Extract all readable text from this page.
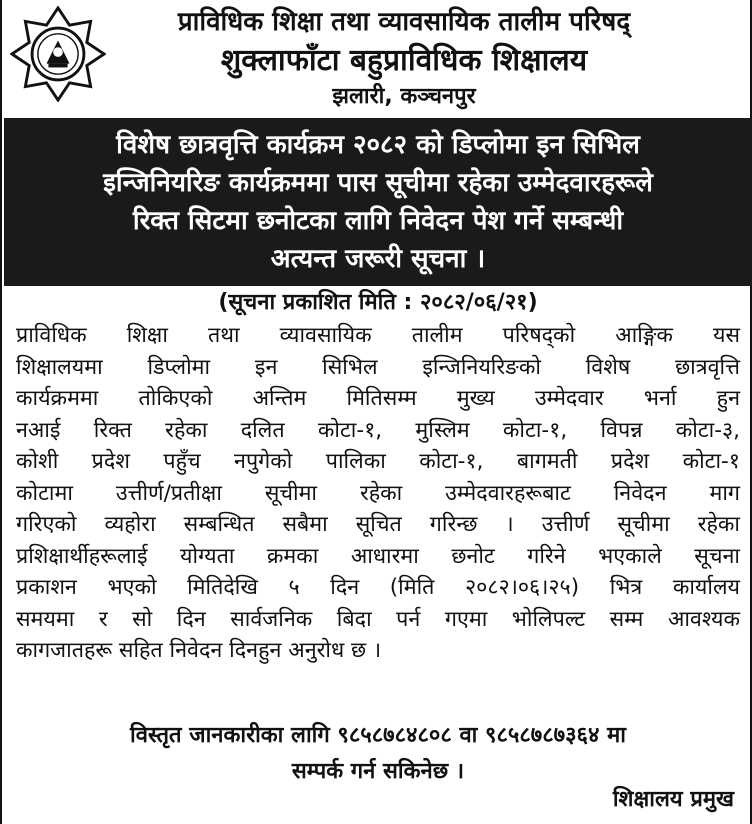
प्राविधिक शिक्षा तथा व्यावसायिक तालीम परिषद्
शुक्लाफाँटा बहुप्राविधिक शिक्षालय
झलारी, कञ्चनपुर
विशेष छात्रवृत्ति कार्यक्रम २०८२ को डिप्लोमा इन सिभिल
इन्जिनियरिङ कार्यक्रममा पास सूचीमा रहेका उम्मेदवारहरूले
रिक्त सिटमा छनोटका लागि निवेदन पेश गर्ने सम्बन्धी
अत्यन्त जरूरी सूचना ।
(सूचना प्रकाशित मिति : २०८२/०६/२१)
प्राविधिक शिक्षा तथा व्यावसायिक तालीम परिषद्को आङ्गिक यस
शिक्षालयमा डिप्लोमा इन सिभिल इन्जिनियरिङको विशेष छात्रवृत्ति
कार्यक्रममा तोकिएको अन्तिम मितिसम्म मुख्य उम्मेदवार भर्ना हुन
नआई रिक्त रहेका दलित कोटा-१, मुस्लिम कोटा-१, विपन्न कोटा-३,
कोशी प्रदेश पहुँच नपुगेको पालिका कोटा-१, बागमती प्रदेश कोटा-१
कोटामा उत्तीर्ण/प्रतीक्षा सूचीमा रहेका उम्मेदवारहरूबाट निवेदन माग
गरिएको व्यहोरा सम्बन्धित सबैमा सूचित गरिन्छ । उत्तीर्ण सूचीमा रहेका
प्रशिक्षार्थीहरूलाई योग्यता क्रमका आधारमा छनोट गरिने भएकाले सूचना
प्रकाशन भएको मितिदेखि ५ दिन (मिति २०८२।०६।२५) भित्र कार्यालय
समयमा र सो दिन सार्वजनिक बिदा पर्न गएमा भोलिपल्ट सम्म आवश्यक
कागजातहरू सहित निवेदन दिनहुन अनुरोध छ ।
विस्तृत जानकारीका लागि ९८५८७८४८०८ वा ९८५८७८७३६४ मा
सम्पर्क गर्न सकिनेछ ।
शिक्षालय प्रमुख
